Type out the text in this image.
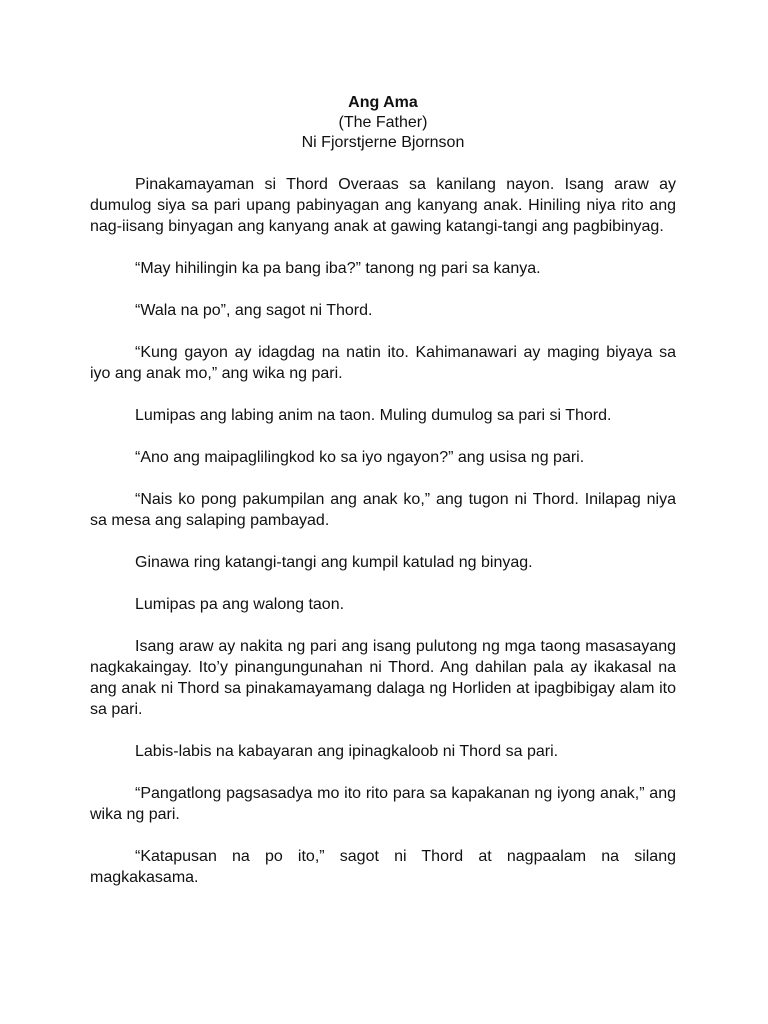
Ang Ama
(The Father)
Ni Fjorstjerne Bjornson

Pinakamayaman si Thord Overaas sa kanilang nayon. Isang araw ay dumulog siya sa pari upang pabinyagan ang kanyang anak. Hiniling niya rito ang nag-iisang binyagan ang kanyang anak at gawing katangi-tangi ang pagbibinyag.

“May hihilingin ka pa bang iba?” tanong ng pari sa kanya.

“Wala na po”, ang sagot ni Thord.

“Kung gayon ay idagdag na natin ito. Kahimanawari ay maging biyaya sa iyo ang anak mo,” ang wika ng pari.

Lumipas ang labing anim na taon. Muling dumulog sa pari si Thord.

“Ano ang maipaglilingkod ko sa iyo ngayon?” ang usisa ng pari.

“Nais ko pong pakumpilan ang anak ko,” ang tugon ni Thord. Inilapag niya sa mesa ang salaping pambayad.

Ginawa ring katangi-tangi ang kumpil katulad ng binyag.

Lumipas pa ang walong taon.

Isang araw ay nakita ng pari ang isang pulutong ng mga taong masasayang nagkakaingay. Ito’y pinangungunahan ni Thord. Ang dahilan pala ay ikakasal na ang anak ni Thord sa pinakamayamang dalaga ng Horliden at ipagbibigay alam ito sa pari.

Labis-labis na kabayaran ang ipinagkaloob ni Thord sa pari.

“Pangatlong pagsasadya mo ito rito para sa kapakanan ng iyong anak,” ang wika ng pari.

“Katapusan na po ito,” sagot ni Thord at nagpaalam na silang magkakasama.
